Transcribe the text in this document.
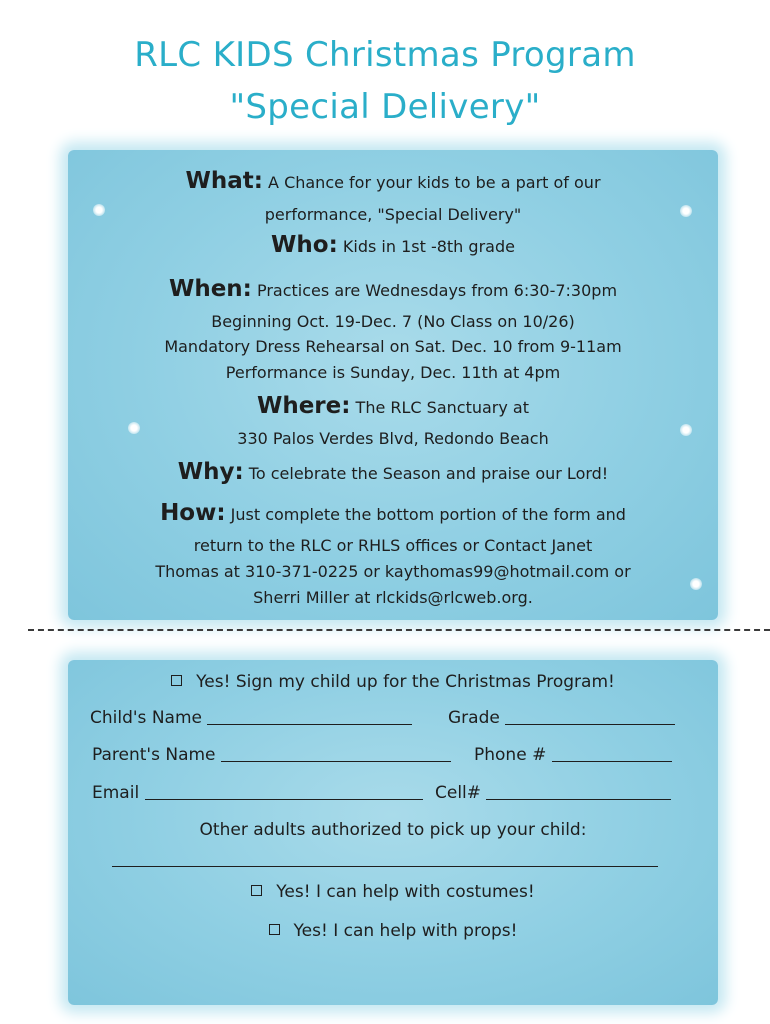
RLC KIDS Christmas Program
"Special Delivery"
What: A Chance for your kids to be a part of our
performance, "Special Delivery"
Who: Kids in 1st -8th grade
When: Practices are Wednesdays from 6:30-7:30pm
Beginning Oct. 19-Dec. 7 (No Class on 10/26)
Mandatory Dress Rehearsal on Sat. Dec. 10 from 9-11am
Performance is Sunday, Dec. 11th at 4pm
Where: The RLC Sanctuary at
330 Palos Verdes Blvd, Redondo Beach
Why: To celebrate the Season and praise our Lord!
How: Just complete the bottom portion of the form and
return to the RLC or RHLS offices or Contact Janet
Thomas at 310-371-0225 or kaythomas99@hotmail.com or
Sherri Miller at rlckids@rlcweb.org.
Yes! Sign my child up for the Christmas Program!
Child's Name	Grade
Parent's Name	Phone #
Email	Cell#
Other adults authorized to pick up your child:
Yes! I can help with costumes!
Yes! I can help with props!
